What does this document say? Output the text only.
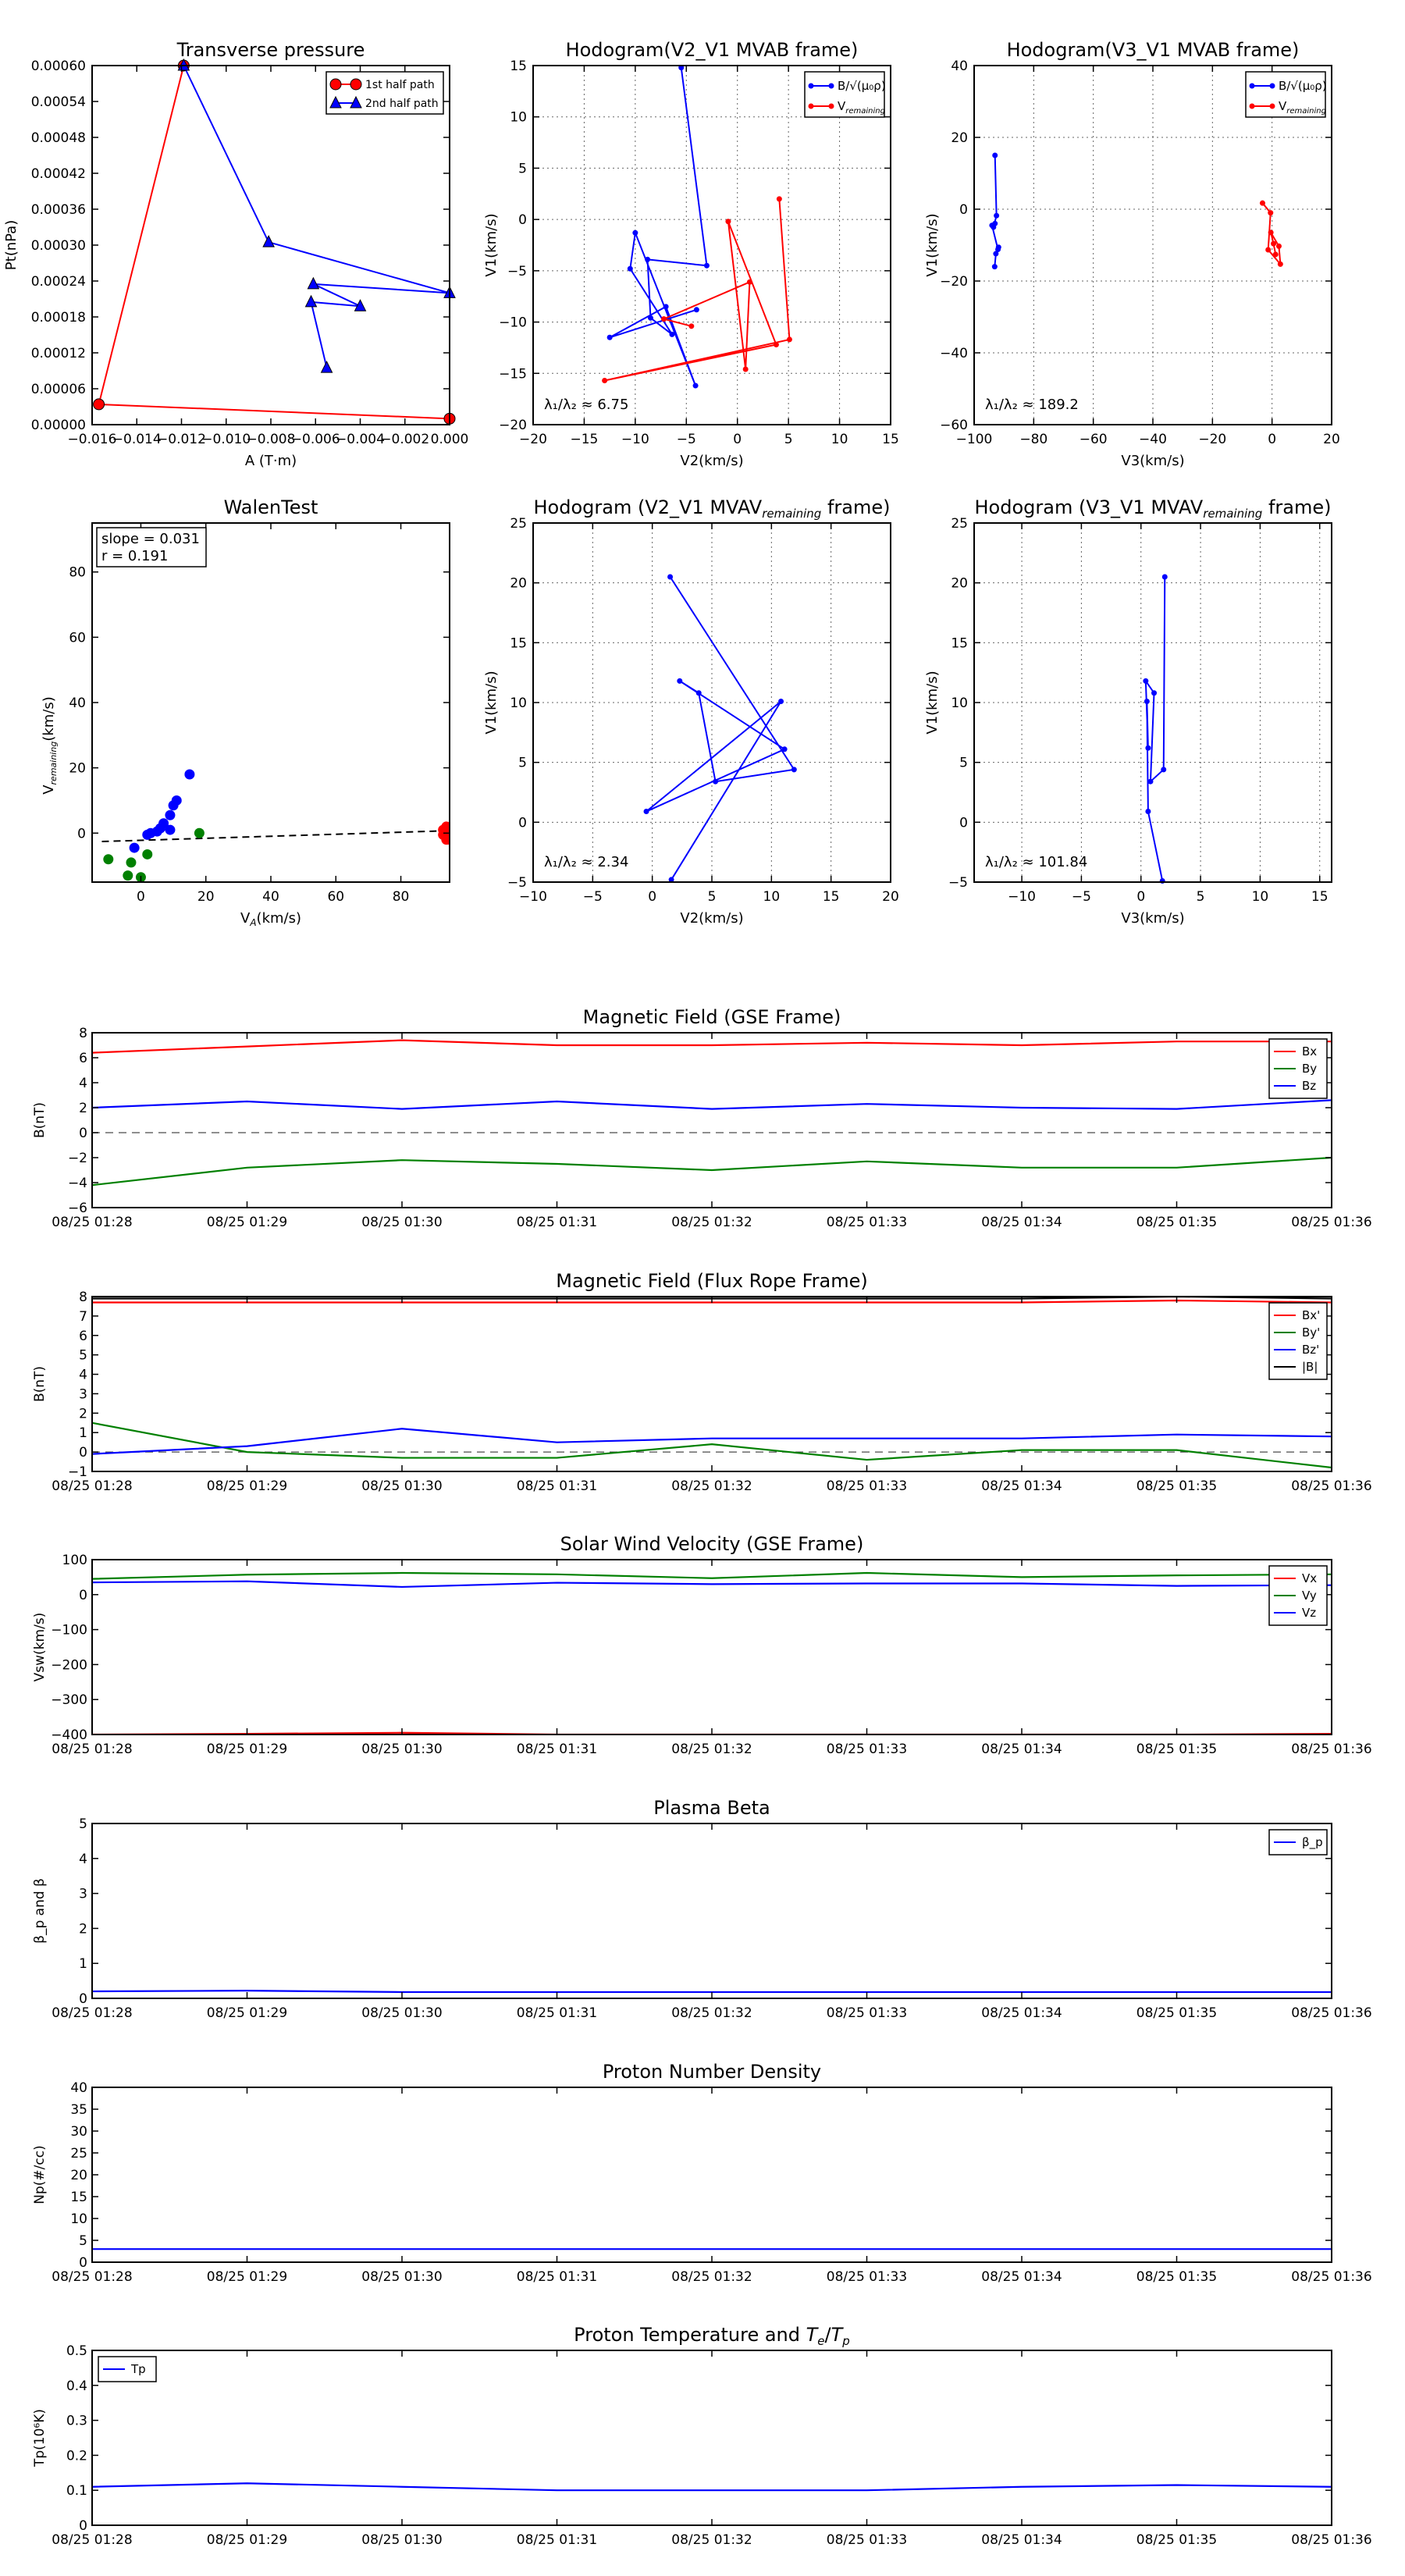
0.00000
0.00006
0.00012
0.00018
0.00024
0.00030
0.00036
0.00042
0.00048
0.00054
0.00060
−0.016
−0.014
−0.012
−0.010
−0.008
−0.006
−0.004
−0.002 0.000
Transverse pressure
A (T·m)
Pt(nPa)
1st half path
2nd half path
−20
−15
−10
−5
0
5
10
15
−20 −15 −10 −5	0	5	10	15
Hodogram(V2_V1 MVAB frame)
V2(km/s)
V1(km/s)
λ₁/λ₂ ≈ 6.75
B/√(μ₀ρ)
$V_{remaining}$
−60
−40
−20
0
20
40
−100 −80 −60 −40 −20	0	20
Hodogram(V3_V1 MVAB frame)
V3(km/s)
V1(km/s)
λ₁/λ₂ ≈ 189.2
B/√(μ₀ρ)
$V_{remaining}$
−5
0
5
10
15
20
25
−10	−5	0	5	10	15	20
Hodogram (V2_V1 $MVAV_{remaining}$ frame)
V2(km/s)
V1(km/s)
λ₁/λ₂ ≈ 2.34
−5
0
5
10
15
20
25
−10	−5	0	5	10	15
Hodogram (V3_V1 $MVAV_{remaining}$ frame)
V3(km/s)
V1(km/s)
λ₁/λ₂ ≈ 101.84
0
20
40
60
80
0	20	40	60	80
WalenTest
$V_A(km/s)$
$V_{remaining}(km/s)$
slope = 0.031
r = 0.191
−6
−4
−2
0
2
4
6
8
08/25 01:28	08/25 01:29	08/25 01:30	08/25 01:31	08/25 01:32	08/25 01:33	08/25 01:34	08/25 01:35	08/25 01:36
Magnetic Field (GSE Frame)
B(nT)
Bx
By
Bz
−1
0
1
2
3
4
5
6
7
8
08/25 01:28	08/25 01:29	08/25 01:30	08/25 01:31	08/25 01:32	08/25 01:33	08/25 01:34	08/25 01:35	08/25 01:36
Magnetic Field (Flux Rope Frame)
B(nT)
Bx'
By'
Bz'
|B|
−400
−300
−200
−100
0
100
08/25 01:28	08/25 01:29	08/25 01:30	08/25 01:31	08/25 01:32	08/25 01:33	08/25 01:34	08/25 01:35	08/25 01:36
Solar Wind Velocity (GSE Frame)
Vsw(km/s)
Vx
Vy
Vz
0
1
2
3
4
5
08/25 01:28	08/25 01:29	08/25 01:30	08/25 01:31	08/25 01:32	08/25 01:33	08/25 01:34	08/25 01:35	08/25 01:36
Plasma Beta
β_p and β
β_p
0
5
10
15
20
25
30
35
40
08/25 01:28	08/25 01:29	08/25 01:30	08/25 01:31	08/25 01:32	08/25 01:33	08/25 01:34	08/25 01:35	08/25 01:36
Proton Number Density
Np(#/cc)
0
0.1
0.2
0.3
0.4
0.5
08/25 01:28	08/25 01:29	08/25 01:30	08/25 01:31	08/25 01:32	08/25 01:33	08/25 01:34	08/25 01:35	08/25 01:36
Proton Temperature and $T_e/T_p$
Tp(10⁶K)
Tp
